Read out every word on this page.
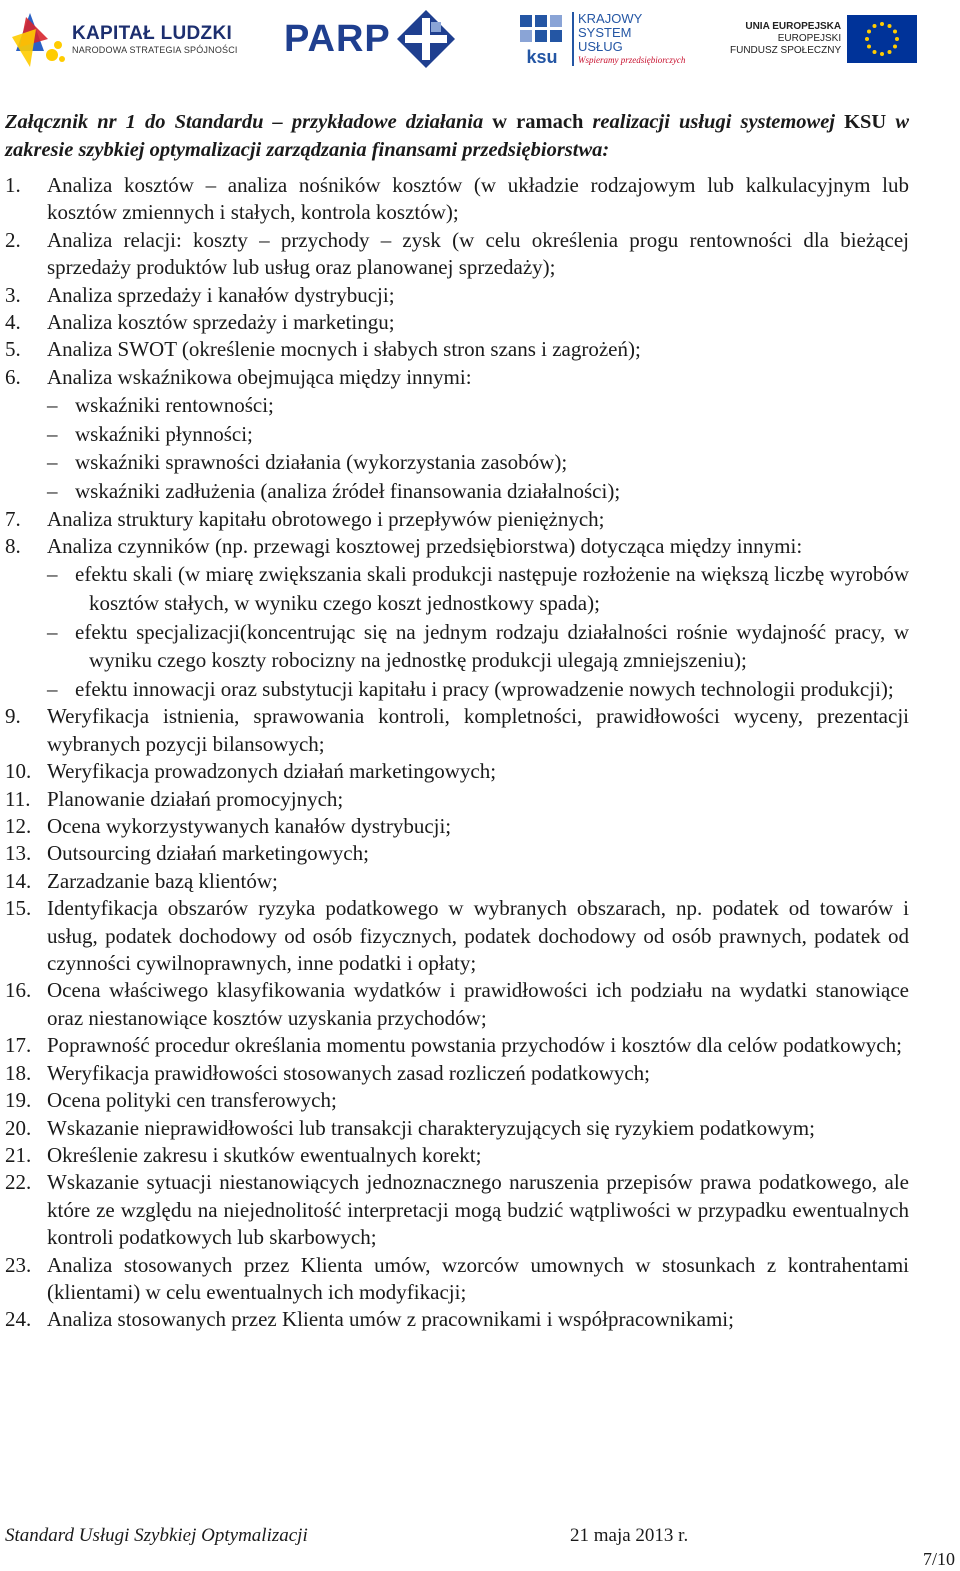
KAPITAŁ LUDZKI
NARODOWA STRATEGIA SPÓJNOŚCI PARP	ksu
KRAJOWY
SYSTEM
USŁUG
Wspieramy przedsiębiorczych
UNIA EUROPEJSKA
EUROPEJSKI
FUNDUSZ SPOŁECZNY

Załącznik nr 1 do Standardu – przykładowe działania w ramach realizacji usługi systemowej KSU w zakresie szybkiej optymalizacji zarządzania finansami przedsiębiorstwa:

1.	Analiza kosztów – analiza nośników kosztów (w układzie rodzajowym lub kalkulacyjnym lub kosztów zmiennych i stałych, kontrola kosztów);
2.	Analiza relacji: koszty – przychody – zysk (w celu określenia progu rentowności dla bieżącej sprzedaży produktów lub usług oraz planowanej sprzedaży);
3.	Analiza sprzedaży i kanałów dystrybucji;
4.	Analiza kosztów sprzedaży i marketingu;
5.	Analiza SWOT (określenie mocnych i słabych stron szans i zagrożeń);
6.	Analiza wskaźnikowa obejmująca między innymi:
– wskaźniki rentowności;
– wskaźniki płynności;
– wskaźniki sprawności działania (wykorzystania zasobów);
– wskaźniki zadłużenia (analiza źródeł finansowania działalności);
7.	Analiza struktury kapitału obrotowego i przepływów pieniężnych;
8.	Analiza czynników (np. przewagi kosztowej przedsiębiorstwa) dotycząca między innymi:
– efektu skali (w miarę zwiększania skali produkcji następuje rozłożenie na większą liczbę wyrobów kosztów stałych, w wyniku czego koszt jednostkowy spada);
– efektu specjalizacji(koncentrując się na jednym rodzaju działalności rośnie wydajność pracy, w wyniku czego koszty robocizny na jednostkę produkcji ulegają zmniejszeniu);
– efektu innowacji oraz substytucji kapitału i pracy (wprowadzenie nowych technologii produkcji);
9.	Weryfikacja istnienia, sprawowania kontroli, kompletności, prawidłowości wyceny, prezentacji wybranych pozycji bilansowych;
10. Weryfikacja prowadzonych działań marketingowych;
11. Planowanie działań promocyjnych;
12. Ocena wykorzystywanych kanałów dystrybucji;
13. Outsourcing działań marketingowych;
14. Zarzadzanie bazą klientów;
15. Identyfikacja obszarów ryzyka podatkowego w wybranych obszarach, np. podatek od towarów i usług, podatek dochodowy od osób fizycznych, podatek dochodowy od osób prawnych, podatek od czynności cywilnoprawnych, inne podatki i opłaty;
16. Ocena właściwego klasyfikowania wydatków i prawidłowości ich podziału na wydatki stanowiące oraz niestanowiące kosztów uzyskania przychodów;
17. Poprawność procedur określania momentu powstania przychodów i kosztów dla celów podatkowych;
18. Weryfikacja prawidłowości stosowanych zasad rozliczeń podatkowych;
19. Ocena polityki cen transferowych;
20. Wskazanie nieprawidłowości lub transakcji charakteryzujących się ryzykiem podatkowym;
21. Określenie zakresu i skutków ewentualnych korekt;
22. Wskazanie sytuacji niestanowiących jednoznacznego naruszenia przepisów prawa podatkowego, ale które ze względu na niejednolitość interpretacji mogą budzić wątpliwości w przypadku ewentualnych kontroli podatkowych lub skarbowych;
23. Analiza stosowanych przez Klienta umów, wzorców umownych w stosunkach z kontrahentami (klientami) w celu ewentualnych ich modyfikacji;
24. Analiza stosowanych przez Klienta umów z pracownikami i współpracownikami;
Standard Usługi Szybkiej Optymalizacji	21 maja 2013 r.
7/10
